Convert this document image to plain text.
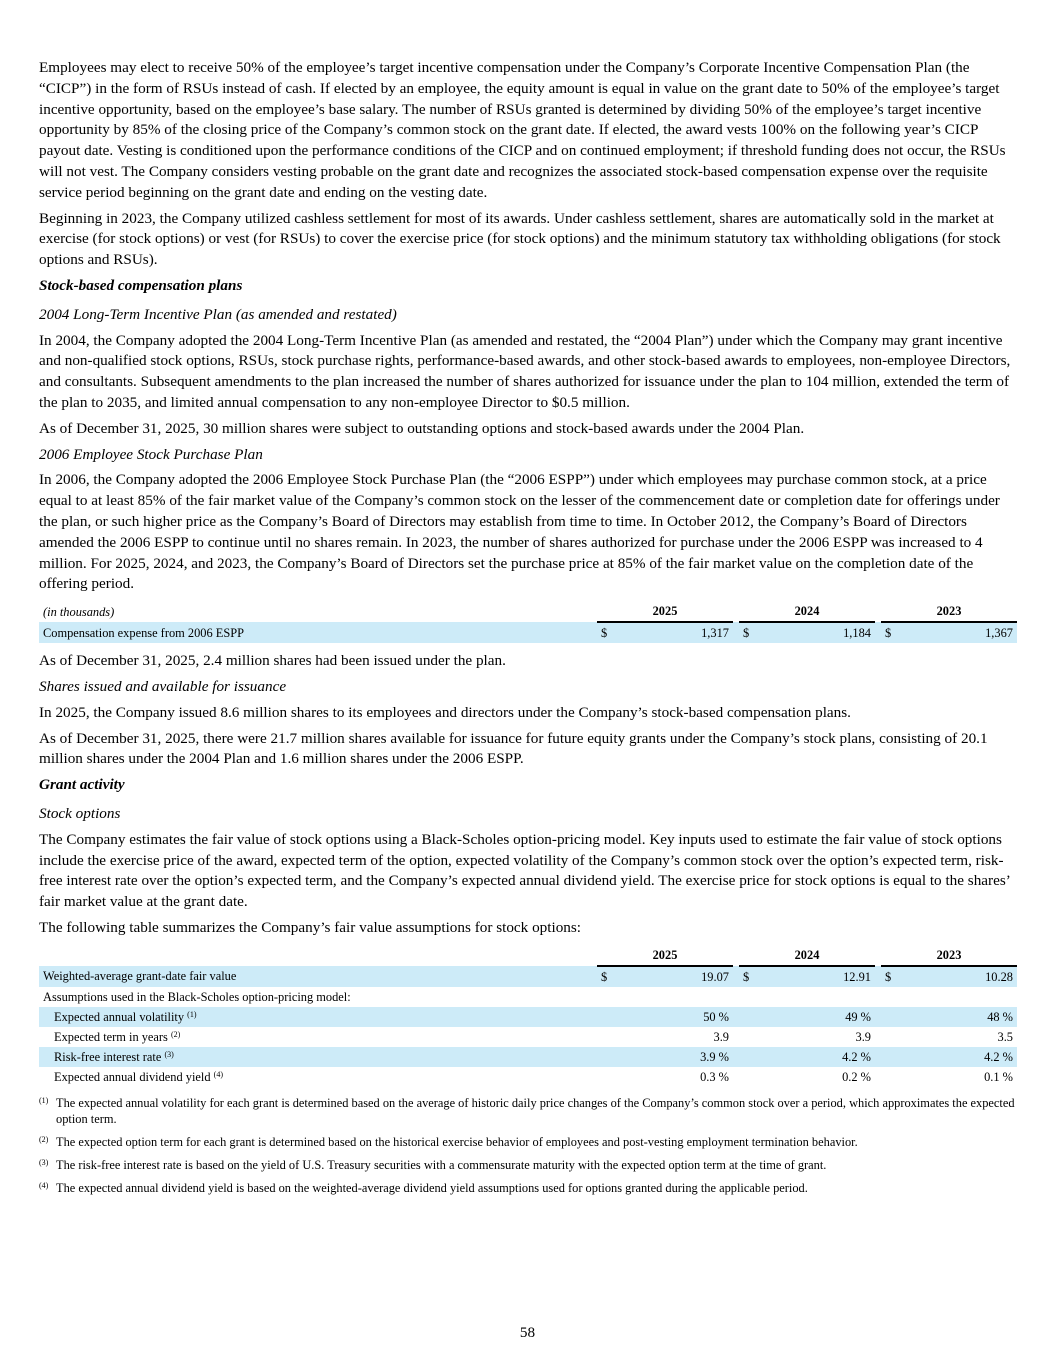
Employees may elect to receive 50% of the employee’s target incentive compensation under the Company’s Corporate Incentive Compensation Plan (the “CICP”) in the form of RSUs instead of cash. If elected by an employee, the equity amount is equal in value on the grant date to 50% of the employee’s target incentive opportunity, based on the employee’s base salary. The number of RSUs granted is determined by dividing 50% of the employee’s target incentive opportunity by 85% of the closing price of the Company’s common stock on the grant date. If elected, the award vests 100% on the following year’s CICP payout date. Vesting is conditioned upon the performance conditions of the CICP and on continued employment; if threshold funding does not occur, the RSUs will not vest. The Company considers vesting probable on the grant date and recognizes the associated stock-based compensation expense over the requisite service period beginning on the grant date and ending on the vesting date.

Beginning in 2023, the Company utilized cashless settlement for most of its awards. Under cashless settlement, shares are automatically sold in the market at exercise (for stock options) or vest (for RSUs) to cover the exercise price (for stock options) and the minimum statutory tax withholding obligations (for stock options and RSUs).

Stock-based compensation plans

2004 Long-Term Incentive Plan (as amended and restated)

In 2004, the Company adopted the 2004 Long-Term Incentive Plan (as amended and restated, the “2004 Plan”) under which the Company may grant incentive and non-qualified stock options, RSUs, stock purchase rights, performance-based awards, and other stock-based awards to employees, non-employee Directors, and consultants. Subsequent amendments to the plan increased the number of shares authorized for issuance under the plan to 104 million, extended the term of the plan to 2035, and limited annual compensation to any non-employee Director to $0.5 million.

As of December 31, 2025, 30 million shares were subject to outstanding options and stock-based awards under the 2004 Plan.

2006 Employee Stock Purchase Plan

In 2006, the Company adopted the 2006 Employee Stock Purchase Plan (the “2006 ESPP”) under which employees may purchase common stock, at a price equal to at least 85% of the fair market value of the Company’s common stock on the lesser of the commencement date or completion date for offerings under the plan, or such higher price as the Company’s Board of Directors may establish from time to time. In October 2012, the Company’s Board of Directors amended the 2006 ESPP to continue until no shares remain. In 2023, the number of shares authorized for purchase under the 2006 ESPP was increased to 4 million. For 2025, 2024, and 2023, the Company’s Board of Directors set the purchase price at 85% of the fair market value on the completion date of the offering period.

(in thousands)	2025			2024			2023	
Compensation expense from 2006 ESPP	$	1,317		$	1,184		$	1,367

As of December 31, 2025, 2.4 million shares had been issued under the plan.

Shares issued and available for issuance

In 2025, the Company issued 8.6 million shares to its employees and directors under the Company’s stock-based compensation plans.

As of December 31, 2025, there were 21.7 million shares available for issuance for future equity grants under the Company’s stock plans, consisting of 20.1 million shares under the 2004 Plan and 1.6 million shares under the 2006 ESPP.

Grant activity

Stock options

The Company estimates the fair value of stock options using a Black-Scholes option-pricing model. Key inputs used to estimate the fair value of stock options include the exercise price of the award, expected term of the option, expected volatility of the Company’s common stock over the option’s expected term, risk-free interest rate over the option’s expected term, and the Company’s expected annual dividend yield. The exercise price for stock options is equal to the shares’ fair market value at the grant date.

The following table summarizes the Company’s fair value assumptions for stock options:

	2025			2024			2023	
Weighted-average grant-date fair value	$	19.07		$	12.91		$	10.28
Assumptions used in the Black-Scholes option-pricing model:								
Expected annual volatility $^{(1)}$		50 %			49 %			48 %
Expected term in years $^{(2)}$		3.9			3.9			3.5
Risk-free interest rate $^{(3)}$		3.9 %			4.2 %			4.2 %
Expected annual dividend yield $^{(4)}$		0.3 %			0.2 %			0.1 %

$^{(1)}$ The expected annual volatility for each grant is determined based on the average of historic daily price changes of the Company’s common stock over a period, which approximates the expected option term.

$^{(2)}$ The expected option term for each grant is determined based on the historical exercise behavior of employees and post-vesting employment termination behavior.

$^{(3)}$ The risk-free interest rate is based on the yield of U.S. Treasury securities with a commensurate maturity with the expected option term at the time of grant.

$^{(4)}$ The expected annual dividend yield is based on the weighted-average dividend yield assumptions used for options granted during the applicable period.

58
